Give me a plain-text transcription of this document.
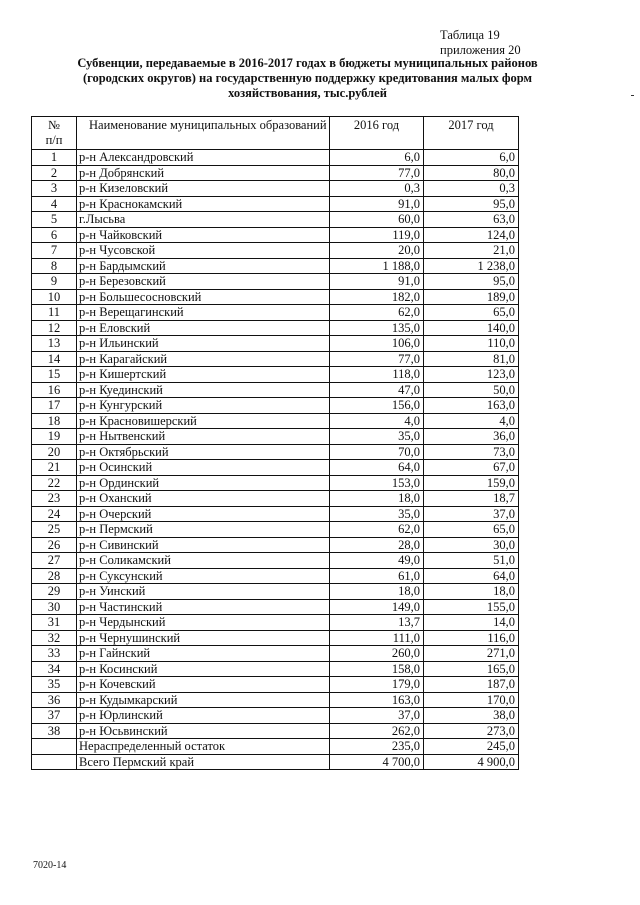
Таблица 19
приложения 20
Субвенции, передаваемые в 2016-2017 годах в бюджеты муниципальных районов
(городских округов) на государственную поддержку кредитования малых форм
хозяйствования, тыс.рублей
№
п/п	Наименование муниципальных образований	2016 год	2017 год
1	р-н Александровский	6,0	6,0
2	р-н Добрянский	77,0	80,0
3	р-н Кизеловский	0,3	0,3
4	р-н Краснокамский	91,0	95,0
5	г.Лысьва	60,0	63,0
6	р-н Чайковский	119,0	124,0
7	р-н Чусовской	20,0	21,0
8	р-н Бардымский	1 188,0	1 238,0
9	р-н Березовский	91,0	95,0
10	р-н Большесосновский	182,0	189,0
11	р-н Верещагинский	62,0	65,0
12	р-н Еловский	135,0	140,0
13	р-н Ильинский	106,0	110,0
14	р-н Карагайский	77,0	81,0
15	р-н Кишертский	118,0	123,0
16	р-н Куединский	47,0	50,0
17	р-н Кунгурский	156,0	163,0
18	р-н Красновишерский	4,0	4,0
19	р-н Нытвенский	35,0	36,0
20	р-н Октябрьский	70,0	73,0
21	р-н Осинский	64,0	67,0
22	р-н Ординский	153,0	159,0
23	р-н Оханский	18,0	18,7
24	р-н Очерский	35,0	37,0
25	р-н Пермский	62,0	65,0
26	р-н Сивинский	28,0	30,0
27	р-н Соликамский	49,0	51,0
28	р-н Суксунский	61,0	64,0
29	р-н Уинский	18,0	18,0
30	р-н Частинский	149,0	155,0
31	р-н Чердынский	13,7	14,0
32	р-н Чернушинский	111,0	116,0
33	р-н Гайнский	260,0	271,0
34	р-н Косинский	158,0	165,0
35	р-н Кочевский	179,0	187,0
36	р-н Кудымкарский	163,0	170,0
37	р-н Юрлинский	37,0	38,0
38	р-н Юсьвинский	262,0	273,0
	Нераспределенный остаток	235,0	245,0
	Всего Пермский край	4 700,0	4 900,0
7020-14
